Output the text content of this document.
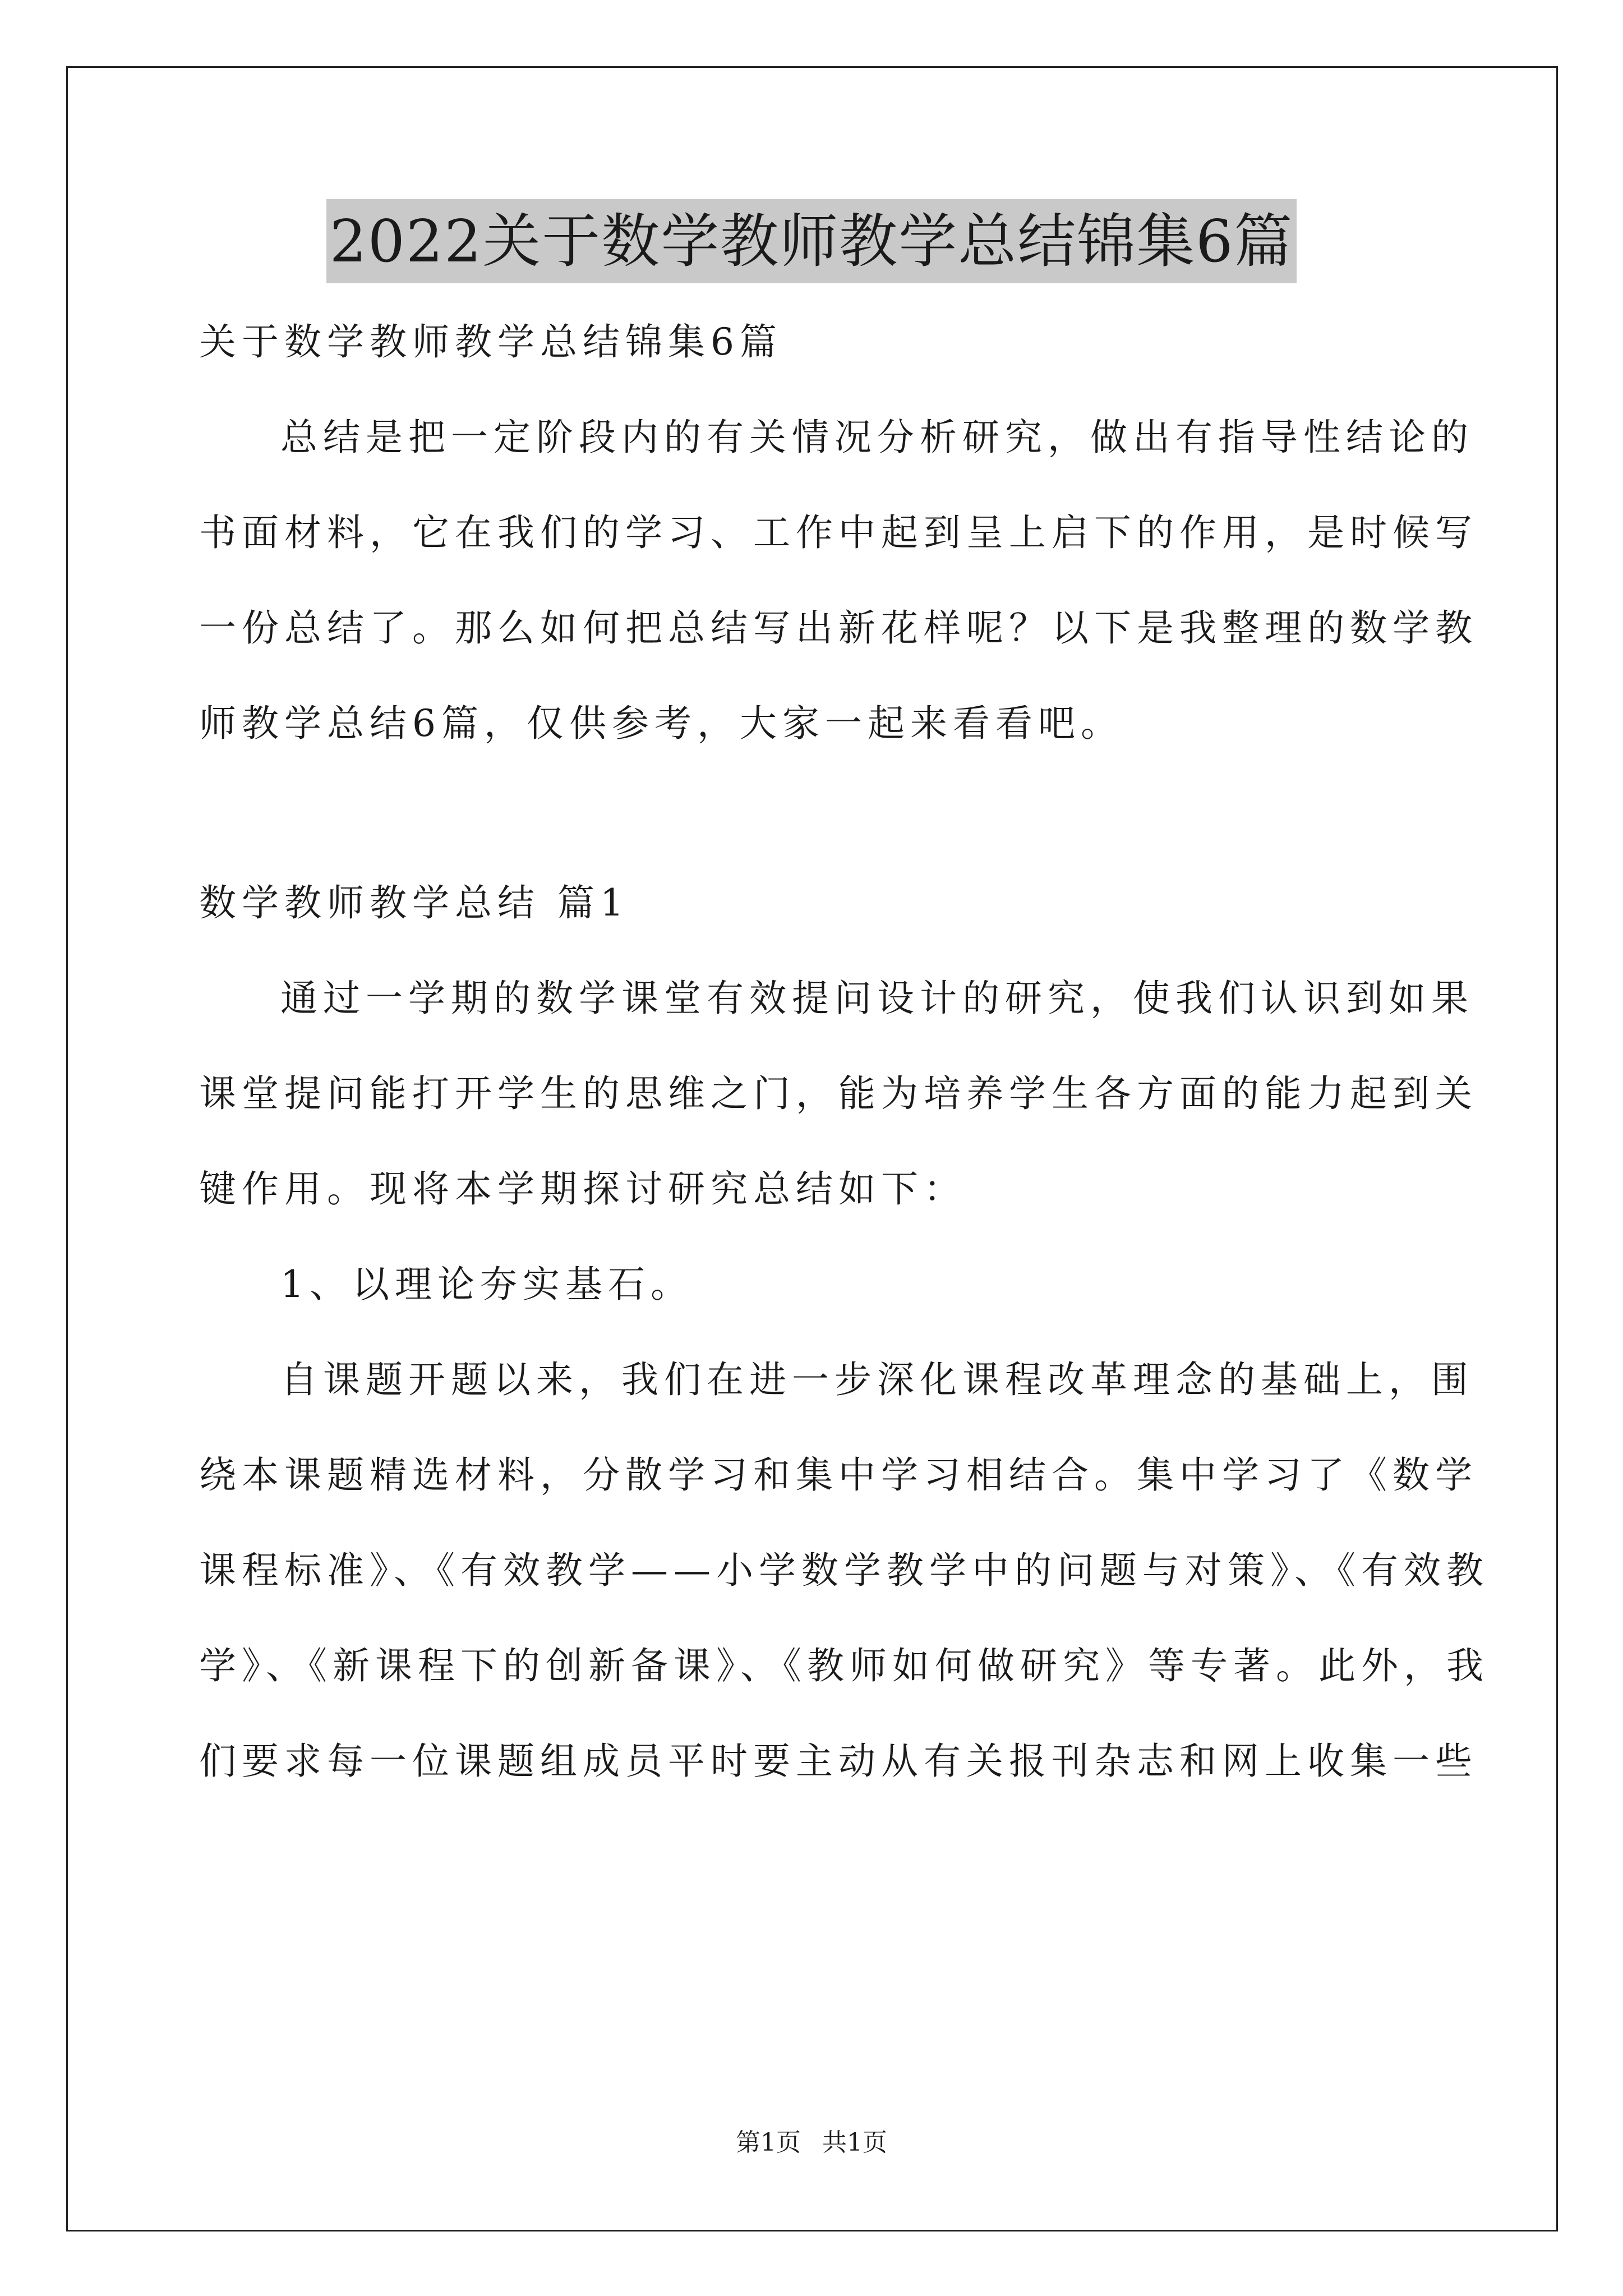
2022关于数学教师教学总结锦集6篇
关于数学教师教学总结锦集6篇
总结是把一定阶段内的有关情况分析研究，做出有指导性结论的
书面材料，它在我们的学习、工作中起到呈上启下的作用，是时候写
一份总结了。那么如何把总结写出新花样呢？以下是我整理的数学教
师教学总结6篇，仅供参考，大家一起来看看吧。
数学教师教学总结 篇1
通过一学期的数学课堂有效提问设计的研究，使我们认识到如果
课堂提问能打开学生的思维之门，能为培养学生各方面的能力起到关
键作用。现将本学期探讨研究总结如下：
1、以理论夯实基石。
自课题开题以来，我们在进一步深化课程改革理念的基础上，围
绕本课题精选材料，分散学习和集中学习相结合。集中学习了《数学
课程标准》、《有效教学——小学数学教学中的问题与对策》、《有效教
学》、《新课程下的创新备课》、《教师如何做研究》等专著。此外，我
们要求每一位课题组成员平时要主动从有关报刊杂志和网上收集一些
第1页 共1页
